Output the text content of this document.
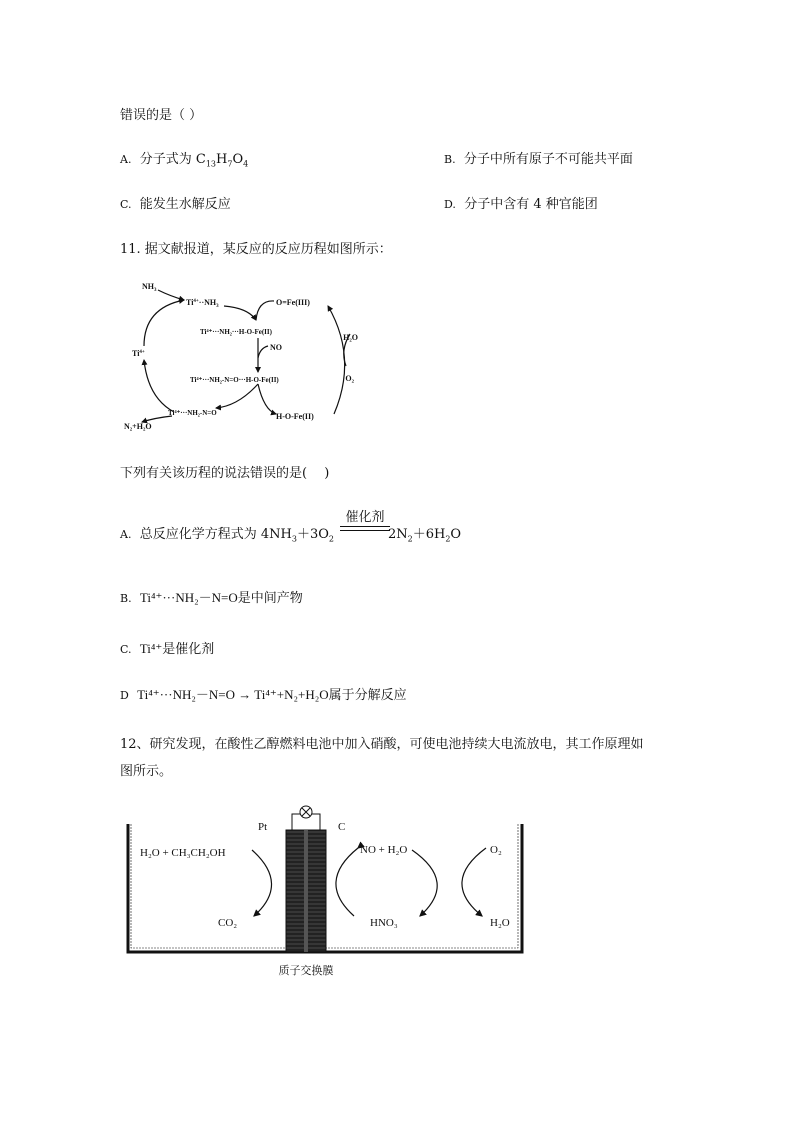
错误的是（ ）
A. 分子式为 $C_{13}H_7O_4$	B. 分子中所有原子不可能共平面
C. 能发生水解反应	D. 分子中含有 4 种官能团
11. 据文献报道，某反应的反应历程如图所示：
$NH_3$
$Ti^{4+}\cdot\cdot NH_3$	O=Fe(III)
Ti⁴⁺···NH₂···H-O-Fe(II)
NO
$Ti^{4+}$
H₂O
O₂
Ti⁴⁺···NH₂-N=O···H-O-Fe(II)
Ti⁴⁺···NH₂-N=O	H-O-Fe(II)
N₂+H₂O
下列有关该历程的说法错误的是(　 )
催化剂
A. 总反应化学方程式为 $4NH_3+3O_2$	$2N_2+6H_2O$
B. Ti⁴⁺···NH₂－N=O是中间产物
C. Ti⁴⁺是催化剂
D Ti⁴⁺···NH₂－N=O → Ti⁴⁺+N₂+H₂O属于分解反应
12、研究发现，在酸性乙醇燃料电池中加入硝酸，可使电池持续大电流放电，其工作原理如
图所示。
Pt	C
H₂O + CH₃CH₂OH
CO₂
NO + H₂O	O₂
HNO₃	H₂O
质子交换膜
